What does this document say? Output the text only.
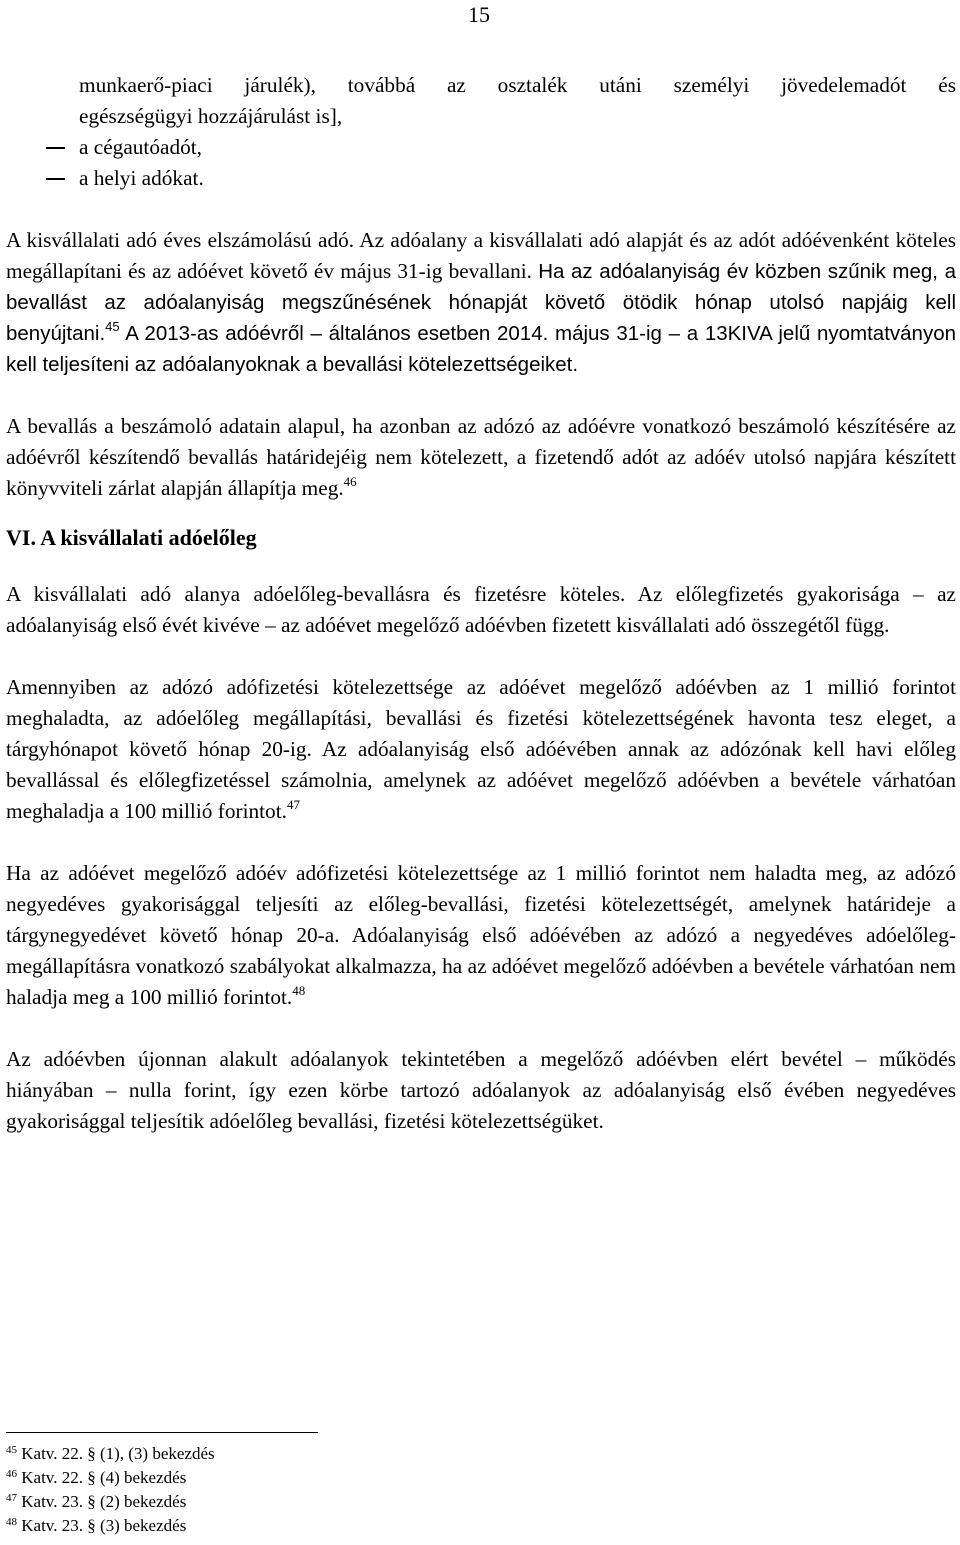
15

munkaerő-piaci járulék), továbbá az osztalék utáni személyi jövedelemadót és

egészségügyi hozzájárulást is],

a cégautóadót,

a helyi adókat.

A kisvállalati adó éves elszámolású adó. Az adóalany a kisvállalati adó alapját és az adót adóévenként köteles megállapítani és az adóévet követő év május 31-ig bevallani. Ha az adóalanyiság év közben szűnik meg, a bevallást az adóalanyiság megszűnésének hónapját követő ötödik hónap utolsó napjáig kell benyújtani.$^{45}$ A 2013-as adóévről – általános esetben 2014. május 31-ig – a 13KIVA jelű nyomtatványon kell teljesíteni az adóalanyoknak a bevallási kötelezettségeiket.

A bevallás a beszámoló adatain alapul, ha azonban az adózó az adóévre vonatkozó beszámoló készítésére az adóévről készítendő bevallás határidejéig nem kötelezett, a fizetendő adót az adóév utolsó napjára készített könyvviteli zárlat alapján állapítja meg.$^{46}$

VI. A kisvállalati adóelőleg

A kisvállalati adó alanya adóelőleg-bevallásra és fizetésre köteles. Az előlegfizetés gyakorisága – az adóalanyiság első évét kivéve – az adóévet megelőző adóévben fizetett kisvállalati adó összegétől függ.

Amennyiben az adózó adófizetési kötelezettsége az adóévet megelőző adóévben az 1 millió forintot meghaladta, az adóelőleg megállapítási, bevallási és fizetési kötelezettségének havonta tesz eleget, a tárgyhónapot követő hónap 20-ig. Az adóalanyiság első adóévében annak az adózónak kell havi előleg bevallással és előlegfizetéssel számolnia, amelynek az adóévet megelőző adóévben a bevétele várhatóan meghaladja a 100 millió forintot.$^{47}$

Ha az adóévet megelőző adóév adófizetési kötelezettsége az 1 millió forintot nem haladta meg, az adózó negyedéves gyakorisággal teljesíti az előleg-bevallási, fizetési kötelezettségét, amelynek határideje a tárgynegyedévet követő hónap 20-a. Adóalanyiság első adóévében az adózó a negyedéves adóelőleg-megállapításra vonatkozó szabályokat alkalmazza, ha az adóévet megelőző adóévben a bevétele várhatóan nem haladja meg a 100 millió forintot.$^{48}$

Az adóévben újonnan alakult adóalanyok tekintetében a megelőző adóévben elért bevétel – működés hiányában – nulla forint, így ezen körbe tartozó adóalanyok az adóalanyiság első évében negyedéves gyakorisággal teljesítik adóelőleg bevallási, fizetési kötelezettségüket.

$^{45}$ Katv. 22. § (1), (3) bekezdés
$^{46}$ Katv. 22. § (4) bekezdés
$^{47}$ Katv. 23. § (2) bekezdés
$^{48}$ Katv. 23. § (3) bekezdés
